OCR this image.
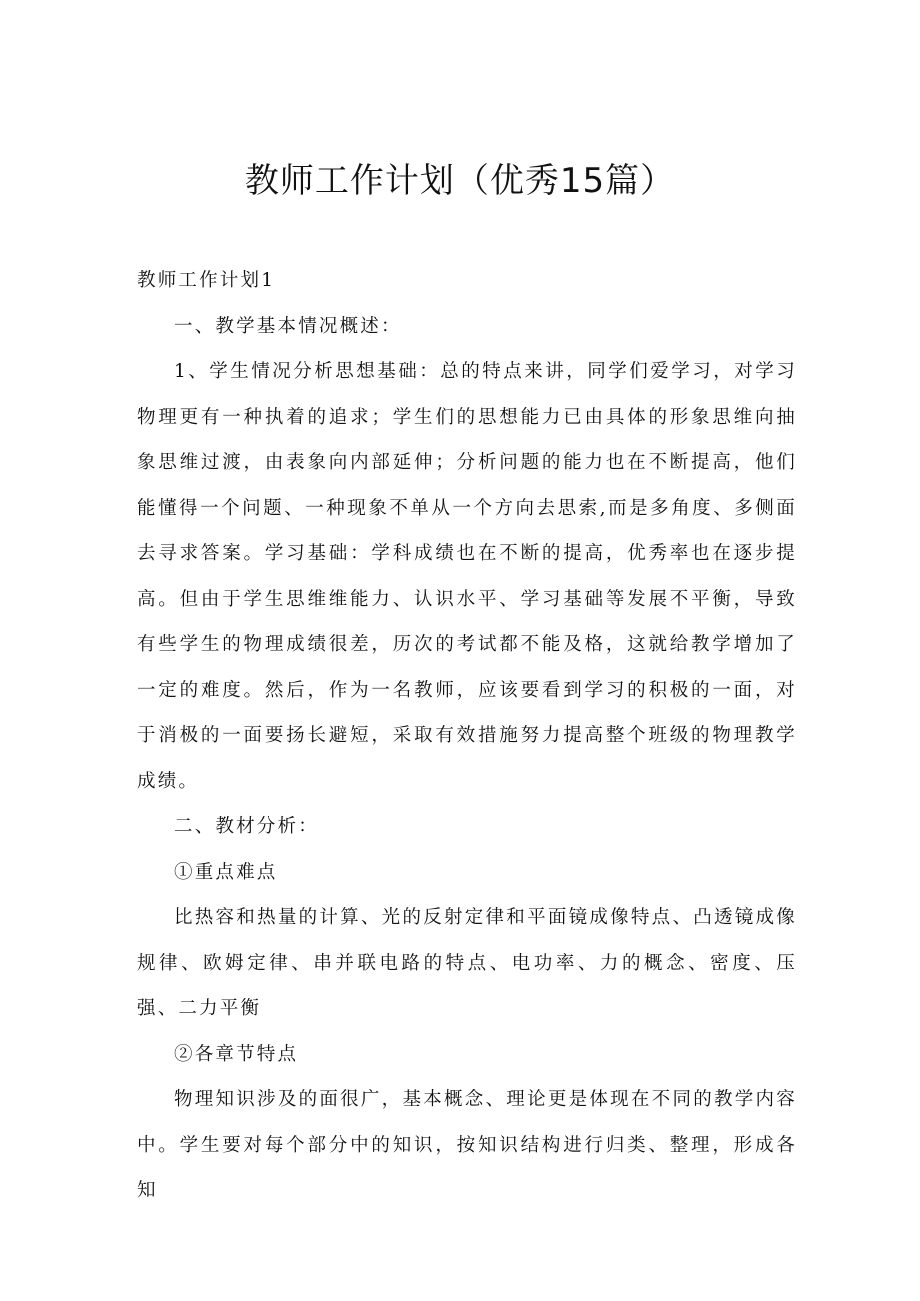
教师工作计划（优秀15篇）
教师工作计划1

一、教学基本情况概述：

1、学生情况分析思想基础：总的特点来讲，同学们爱学习，对学习物理更有一种执着的追求；学生们的思想能力已由具体的形象思维向抽象思维过渡，由表象向内部延伸；分析问题的能力也在不断提高，他们能懂得一个问题、一种现象不单从一个方向去思索,而是多角度、多侧面去寻求答案。学习基础：学科成绩也在不断的提高，优秀率也在逐步提高。但由于学生思维维能力、认识水平、学习基础等发展不平衡，导致有些学生的物理成绩很差，历次的考试都不能及格，这就给教学增加了一定的难度。然后，作为一名教师，应该要看到学习的积极的一面，对于消极的一面要扬长避短，采取有效措施努力提高整个班级的物理教学成绩。

二、教材分析：

①重点难点

比热容和热量的计算、光的反射定律和平面镜成像特点、凸透镜成像规律、欧姆定律、串并联电路的特点、电功率、力的概念、密度、压强、二力平衡

②各章节特点

物理知识涉及的面很广，基本概念、理论更是体现在不同的教学内容中。学生要对每个部分中的知识，按知识结构进行归类、整理，形成各知
